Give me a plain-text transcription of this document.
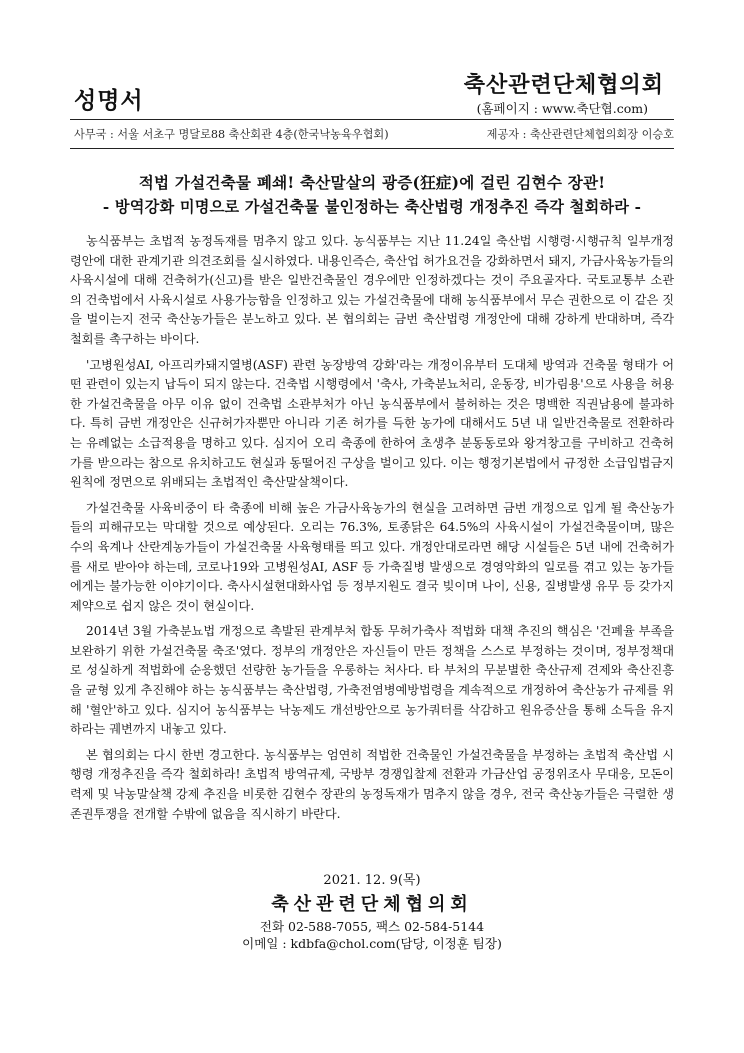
성명서
축산관련단체협의회
(홈페이지 : www.축단협.com)
사무국 : 서울 서초구 명달로88 축산회관 4층(한국낙농육우협회)	제공자 : 축산관련단체협의회장 이승호
적법 가설건축물 폐쇄! 축산말살의 광증(狂症)에 걸린 김현수 장관!
- 방역강화 미명으로 가설건축물 불인정하는 축산법령 개정추진 즉각 철회하라 -

농식품부는 초법적 농정독재를 멈추지 않고 있다. 농식품부는 지난 11.24일 축산법 시행령·시행규칙 일부개정령안에 대한 관계기관 의견조회를 실시하였다. 내용인즉슨, 축산업 허가요건을 강화하면서 돼지, 가금사육농가들의 사육시설에 대해 건축허가(신고)를 받은 일반건축물인 경우에만 인정하겠다는 것이 주요골자다. 국토교통부 소관의 건축법에서 사육시설로 사용가능함을 인정하고 있는 가설건축물에 대해 농식품부에서 무슨 권한으로 이 같은 짓을 벌이는지 전국 축산농가들은 분노하고 있다. 본 협의회는 금번 축산법령 개정안에 대해 강하게 반대하며, 즉각 철회를 촉구하는 바이다.

'고병원성AI, 아프리카돼지열병(ASF) 관련 농장방역 강화'라는 개정이유부터 도대체 방역과 건축물 형태가 어떤 관련이 있는지 납득이 되지 않는다. 건축법 시행령에서 '축사, 가축분뇨처리, 운동장, 비가림용'으로 사용을 허용한 가설건축물을 아무 이유 없이 건축법 소관부처가 아닌 농식품부에서 불허하는 것은 명백한 직권남용에 불과하다. 특히 금번 개정안은 신규허가자뿐만 아니라 기존 허가를 득한 농가에 대해서도 5년 내 일반건축물로 전환하라는 유례없는 소급적용을 명하고 있다. 심지어 오리 축종에 한하여 초생추 분동동로와 왕겨창고를 구비하고 건축허가를 받으라는 참으로 유치하고도 현실과 동떨어진 구상을 벌이고 있다. 이는 행정기본법에서 규정한 소급입법금지원칙에 정면으로 위배되는 초법적인 축산말살책이다.

가설건축물 사육비중이 타 축종에 비해 높은 가금사육농가의 현실을 고려하면 금번 개정으로 입게 될 축산농가들의 피해규모는 막대할 것으로 예상된다. 오리는 76.3%, 토종닭은 64.5%의 사육시설이 가설건축물이며, 많은 수의 육계나 산란계농가들이 가설건축물 사육형태를 띄고 있다. 개정안대로라면 해당 시설들은 5년 내에 건축허가를 새로 받아야 하는데, 코로나19와 고병원성AI, ASF 등 가축질병 발생으로 경영악화의 일로를 겪고 있는 농가들에게는 불가능한 이야기이다. 축사시설현대화사업 등 정부지원도 결국 빚이며 나이, 신용, 질병발생 유무 등 갖가지 제약으로 쉽지 않은 것이 현실이다.

2014년 3월 가축분뇨법 개정으로 촉발된 관계부처 합동 무허가축사 적법화 대책 추진의 핵심은 '건폐율 부족을 보완하기 위한 가설건축물 축조'였다. 정부의 개정안은 자신들이 만든 정책을 스스로 부정하는 것이며, 정부정책대로 성실하게 적법화에 순응했던 선량한 농가들을 우롱하는 처사다. 타 부처의 무분별한 축산규제 견제와 축산진흥을 균형 있게 추진해야 하는 농식품부는 축산법령, 가축전염병예방법령을 계속적으로 개정하여 축산농가 규제를 위해 '혈안'하고 있다. 심지어 농식품부는 낙농제도 개선방안으로 농가쿼터를 삭감하고 원유증산을 통해 소득을 유지하라는 궤변까지 내놓고 있다.

본 협의회는 다시 한번 경고한다. 농식품부는 엄연히 적법한 건축물인 가설건축물을 부정하는 초법적 축산법 시행령 개정추진을 즉각 철회하라! 초법적 방역규제, 국방부 경쟁입찰제 전환과 가금산업 공정위조사 무대응, 모돈이력제 및 낙농말살책 강제 추진을 비롯한 김현수 장관의 농정독재가 멈추지 않을 경우, 전국 축산농가들은 극렬한 생존권투쟁을 전개할 수밖에 없음을 직시하기 바란다.

2021. 12. 9(목)
축산관련단체협의회
전화 02-588-7055, 팩스 02-584-5144
이메일 : kdbfa@chol.com(담당, 이정훈 팀장)
